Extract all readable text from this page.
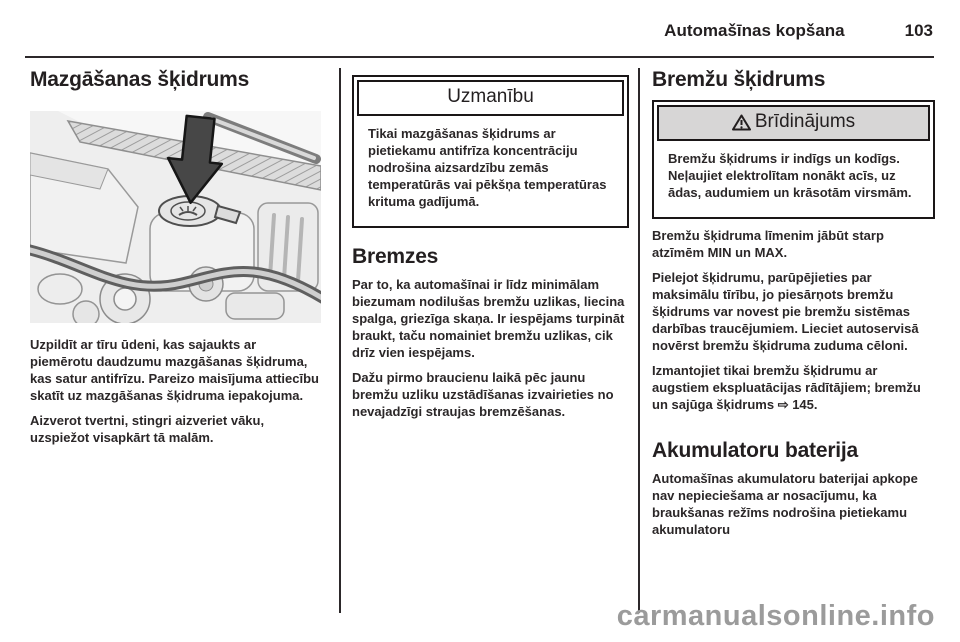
Automašīnas kopšana	103
Mazgāšanas šķidrums

Uzpildīt ar tīru ūdeni, kas sajaukts ar piemērotu daudzumu mazgāšanas šķidruma, kas satur antifrīzu. Pareizo maisījuma attiecību skatīt uz mazgāšanas šķidruma iepakojuma.

Aizverot tvertni, stingri aizveriet vāku, uzspiežot visapkārt tā malām.

Uzmanību
Tikai mazgāšanas šķidrums ar pietiekamu antifrīza koncentrāciju nodrošina aizsardzību zemās temperatūrās vai pēkšņa temperatūras krituma gadījumā.
Bremzes

Par to, ka automašīnai ir līdz minimālam biezumam nodilušas bremžu uzlikas, liecina spalga, griezīga skaņa. Ir iespējams turpināt braukt, taču nomainiet bremžu uzlikas, cik drīz vien iespējams.

Dažu pirmo braucienu laikā pēc jaunu bremžu uzliku uzstādīšanas izvairieties no nevajadzīgi straujas bremzēšanas.

Bremžu šķidrums
Brīdinājums
Bremžu šķidrums ir indīgs un kodīgs. Neļaujiet elektrolītam nonākt acīs, uz ādas, audumiem un krāsotām virsmām.

Bremžu šķidruma līmenim jābūt starp atzīmēm MIN un MAX.

Pielejot šķidrumu, parūpējieties par maksimālu tīrību, jo piesārņots bremžu šķidrums var novest pie bremžu sistēmas darbības traucējumiem. Lieciet autoservisā novērst bremžu šķidruma zuduma cēloni.

Izmantojiet tikai bremžu šķidrumu ar augstiem ekspluatācijas rādītājiem; bremžu un sajūga šķidrums ⇨ 145.

Akumulatoru baterija

Automašīnas akumulatoru baterijai apkope nav nepieciešama ar nosacījumu, ka braukšanas režīms nodrošina pietiekamu akumulatoru

carmanualsonline.info
